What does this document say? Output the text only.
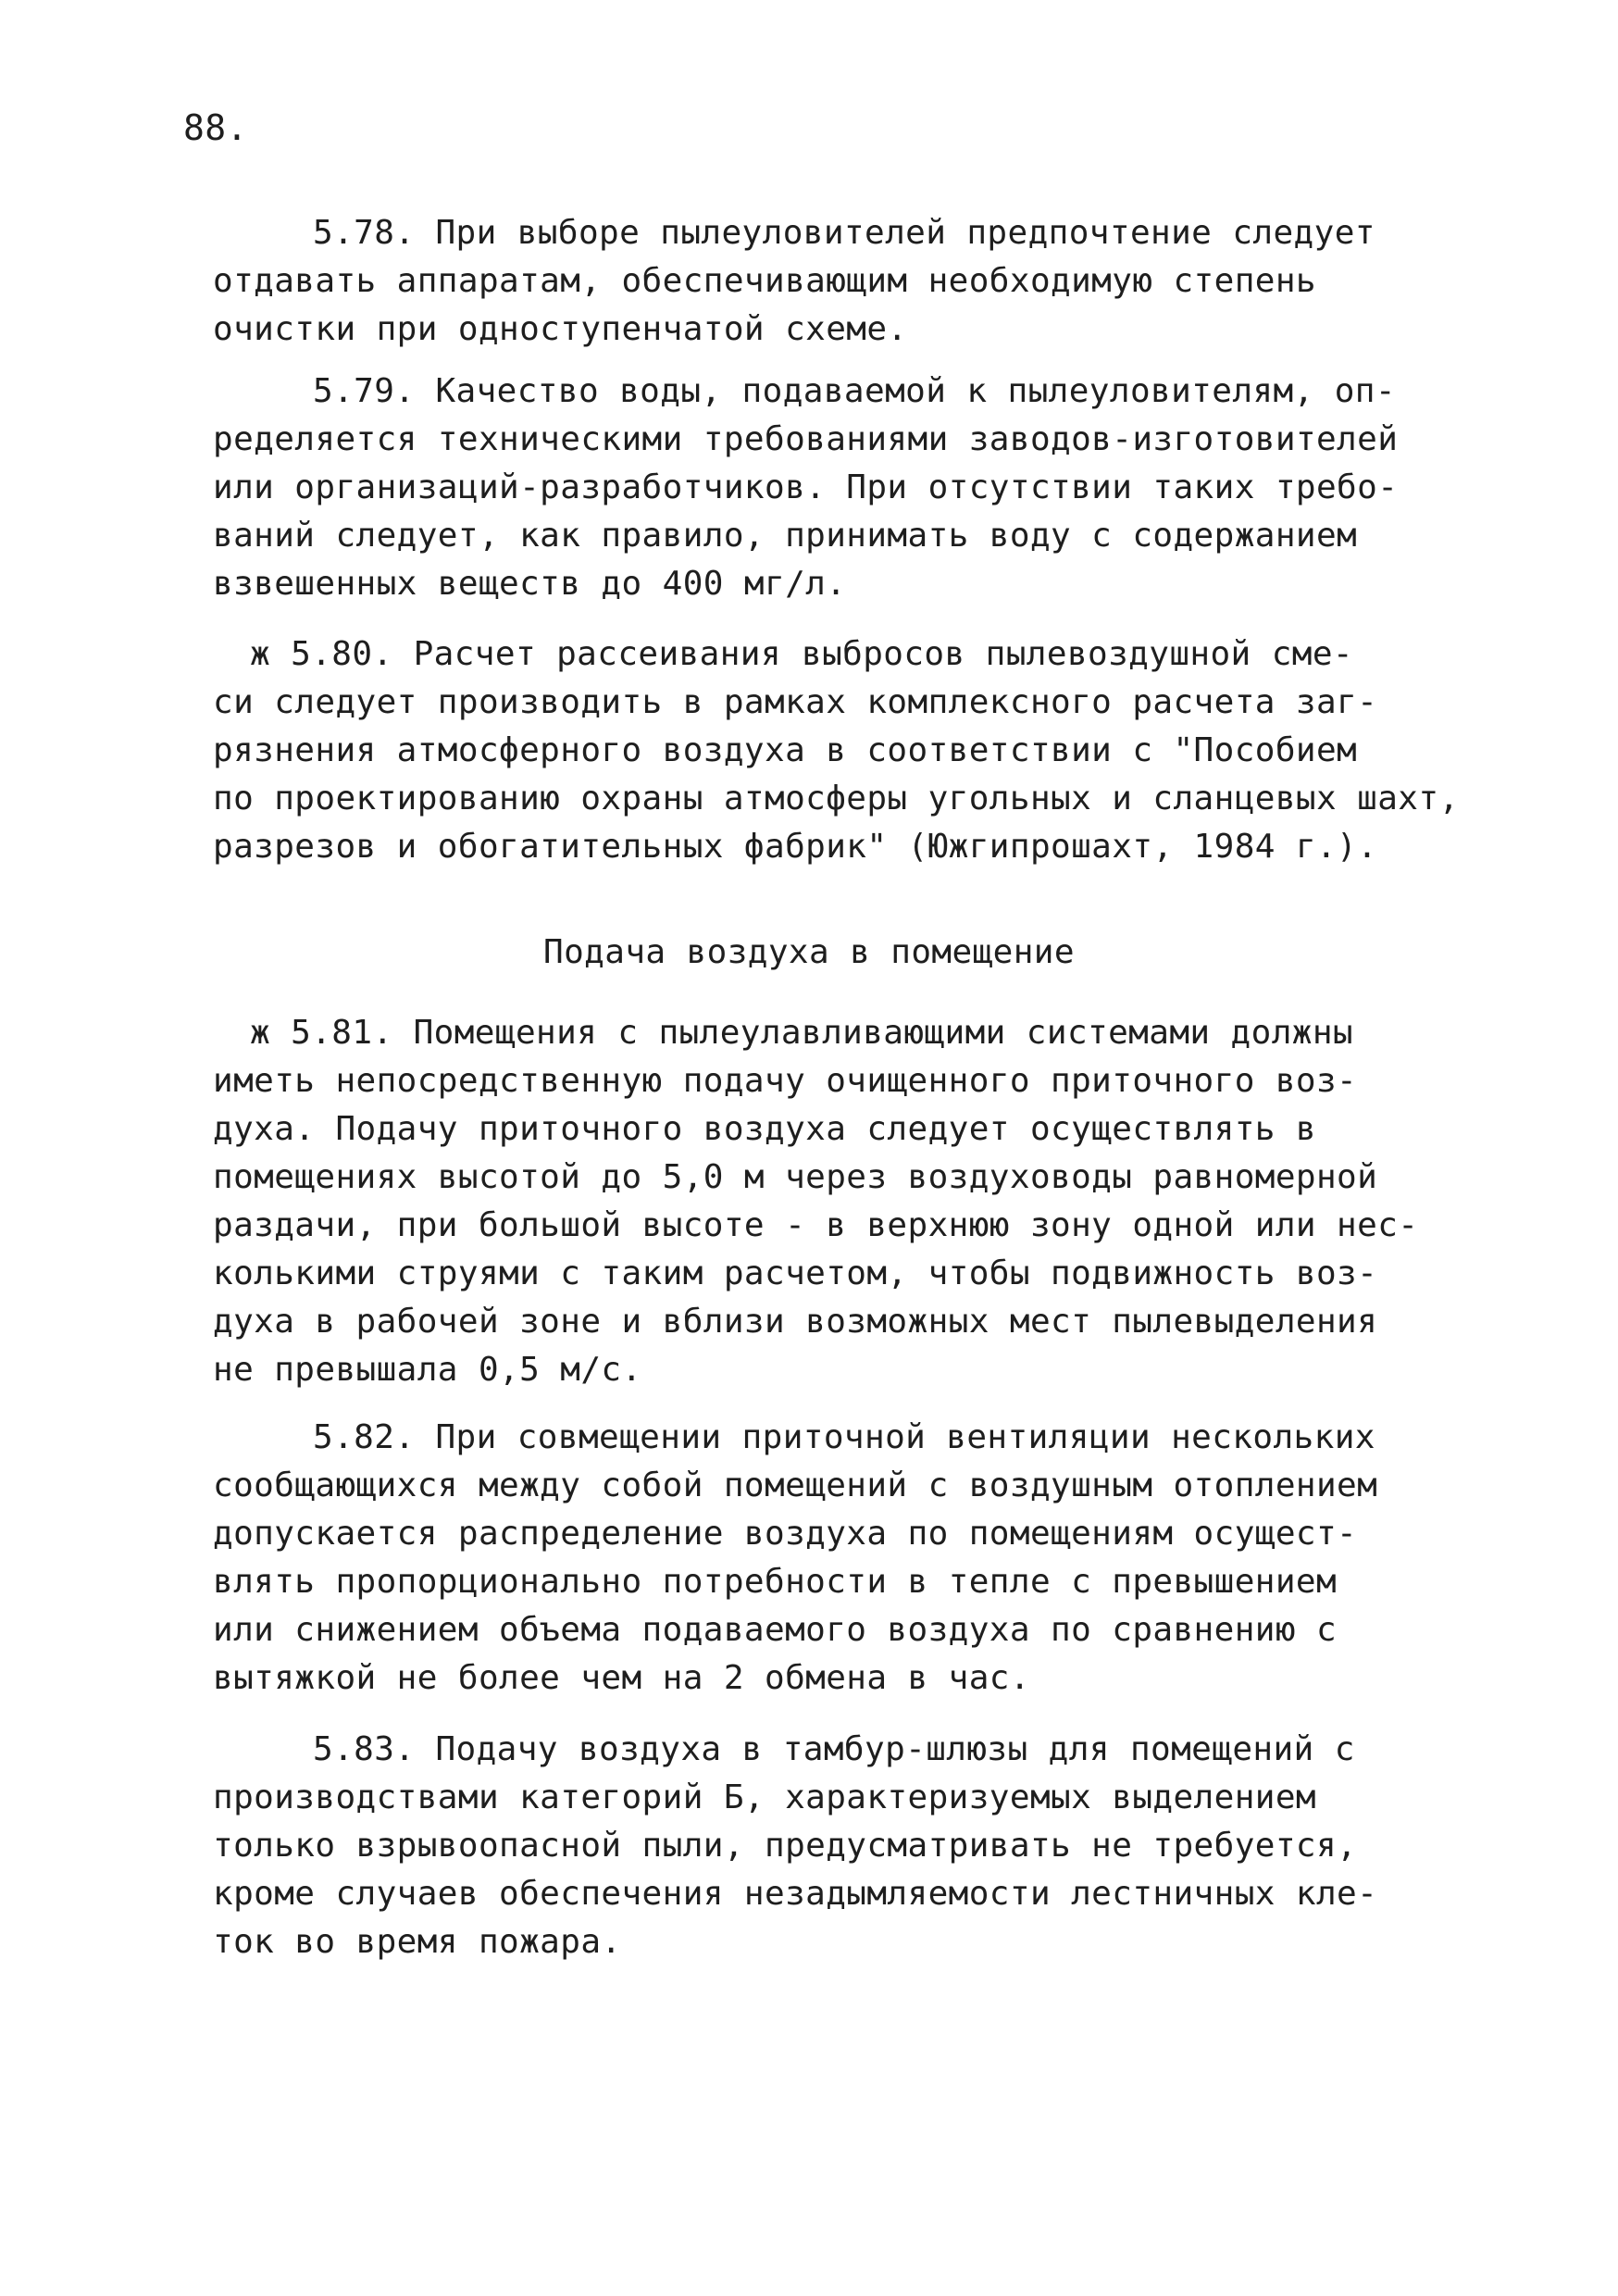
88.

5.78. При выборе пылеуловителей предпочтение следует

отдавать аппаратам, обеспечивающим необходимую степень

очистки при одноступенчатой схеме.

5.79. Качество воды, подаваемой к пылеуловителям, оп-

ределяется техническими требованиями заводов-изготовителей

или организаций-разработчиков. При отсутствии таких требо-

ваний следует, как правило, принимать воду с содержанием

взвешенных веществ до 400 мг/л.

ж 5.80. Расчет рассеивания выбросов пылевоздушной сме-

си следует производить в рамках комплексного расчета заг-

рязнения атмосферного воздуха в соответствии с "Пособием

по проектированию охраны атмосферы угольных и сланцевых шахт,

разрезов и обогатительных фабрик" (Южгипрошахт, 1984 г.).

Подача воздуха в помещение

ж 5.81. Помещения с пылеулавливающими системами должны

иметь непосредственную подачу очищенного приточного воз-

духа. Подачу приточного воздуха следует осуществлять в

помещениях высотой до 5,0 м через воздуховоды равномерной

раздачи, при большой высоте - в верхнюю зону одной или нес-

колькими струями с таким расчетом, чтобы подвижность воз-

духа в рабочей зоне и вблизи возможных мест пылевыделения

не превышала 0,5 м/с.

5.82. При совмещении приточной вентиляции нескольких

сообщающихся между собой помещений с воздушным отоплением

допускается распределение воздуха по помещениям осущест-

влять пропорционально потребности в тепле с превышением

или снижением объема подаваемого воздуха по сравнению с

вытяжкой не более чем на 2 обмена в час.

5.83. Подачу воздуха в тамбур-шлюзы для помещений с

производствами категорий Б, характеризуемых выделением

только взрывоопасной пыли, предусматривать не требуется,

кроме случаев обеспечения незадымляемости лестничных кле-

ток во время пожара.
